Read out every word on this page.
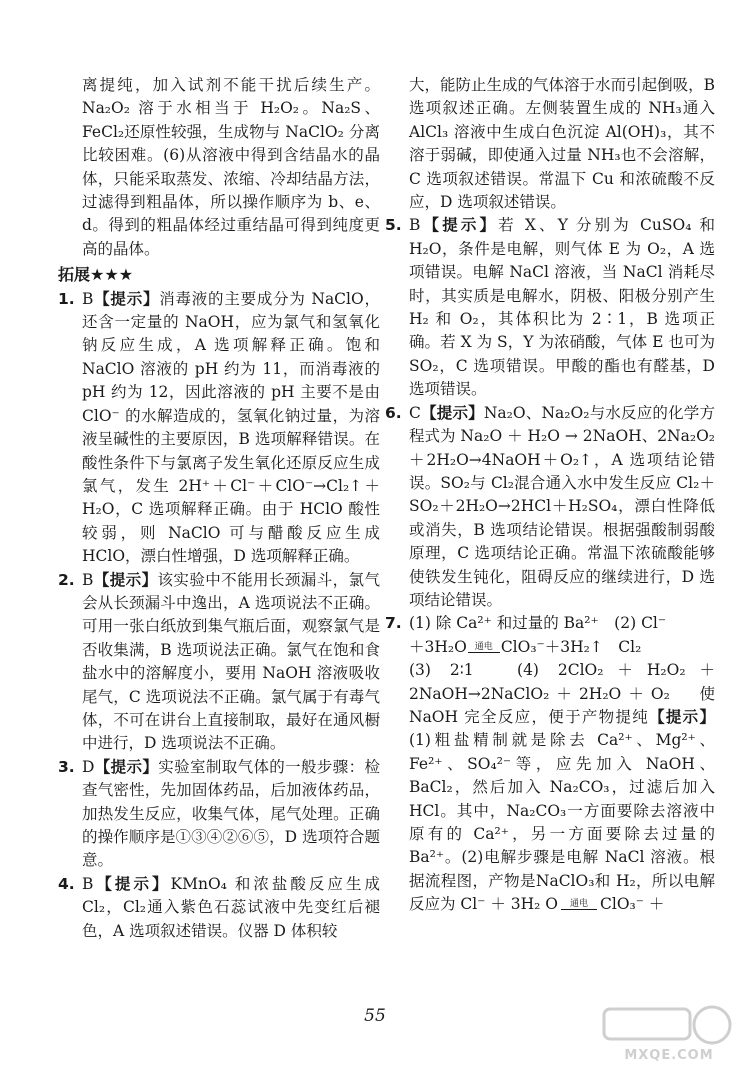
离提纯，加入试剂不能干扰后续生产。Na₂O₂ 溶于水相当于 H₂O₂。Na₂S、FeCl₂还原性较强，生成物与 NaClO₂ 分离比较困难。(6)从溶液中得到含结晶水的晶体，只能采取蒸发、浓缩、冷却结晶方法，过滤得到粗晶体，所以操作顺序为 b、e、d。得到的粗晶体经过重结晶可得到纯度更高的晶体。

拓展★★★

1. B【提示】消毒液的主要成分为 NaClO，还含一定量的 NaOH，应为氯气和氢氧化钠反应生成，A 选项解释正确。饱和 NaClO 溶液的 pH 约为 11，而消毒液的 pH 约为 12，因此溶液的 pH 主要不是由 ClO⁻ 的水解造成的，氢氧化钠过量，为溶液呈碱性的主要原因，B 选项解释错误。在酸性条件下与氯离子发生氧化还原反应生成氯气，发生 2H⁺＋Cl⁻＋ClO⁻→Cl₂↑＋H₂O，C 选项解释正确。由于 HClO 酸性较弱，则 NaClO 可与醋酸反应生成 HClO，漂白性增强，D 选项解释正确。

2. B【提示】该实验中不能用长颈漏斗，氯气会从长颈漏斗中逸出，A 选项说法不正确。可用一张白纸放到集气瓶后面，观察氯气是否收集满，B 选项说法正确。氯气在饱和食盐水中的溶解度小，要用 NaOH 溶液吸收尾气，C 选项说法不正确。氯气属于有毒气体，不可在讲台上直接制取，最好在通风橱中进行，D 选项说法不正确。

3. D【提示】实验室制取气体的一般步骤：检查气密性，先加固体药品，后加液体药品，加热发生反应，收集气体，尾气处理。正确的操作顺序是①③④②⑥⑤，D 选项符合题意。

4. B【提示】KMnO₄ 和浓盐酸反应生成 Cl₂，Cl₂通入紫色石蕊试液中先变红后褪色，A 选项叙述错误。仪器 D 体积较

大，能防止生成的气体溶于水而引起倒吸，B 选项叙述正确。左侧装置生成的 NH₃通入 AlCl₃ 溶液中生成白色沉淀 Al(OH)₃，其不溶于弱碱，即使通入过量 NH₃也不会溶解，C 选项叙述错误。常温下 Cu 和浓硫酸不反应，D 选项叙述错误。

5. B【提示】若 X、Y 分别为 CuSO₄ 和 H₂O，条件是电解，则气体 E 为 O₂，A 选项错误。电解 NaCl 溶液，当 NaCl 消耗尽时，其实质是电解水，阴极、阳极分别产生 H₂ 和 O₂，其体积比为 2∶1，B 选项正确。若 X 为 S，Y 为浓硝酸，气体 E 也可为 SO₂，C 选项错误。甲酸的酯也有醛基，D 选项错误。

6. C【提示】Na₂O、Na₂O₂与水反应的化学方程式为 Na₂O ＋ H₂O → 2NaOH、2Na₂O₂＋2H₂O→4NaOH＋O₂↑，A 选项结论错误。SO₂与 Cl₂混合通入水中发生反应 Cl₂＋SO₂＋2H₂O→2HCl＋H₂SO₄，漂白性降低或消失，B 选项结论错误。根据强酸制弱酸原理，C 选项结论正确。常温下浓硫酸能够使铁发生钝化，阻碍反应的继续进行，D 选项结论错误。

7. (1) 除 Ca²⁺ 和过量的 Ba²⁺　(2) Cl⁻
＋3H₂O 通电 ClO₃⁻＋3H₂↑　Cl₂
(3) 2∶1　(4) 2ClO₂＋H₂O₂＋2NaOH→2NaClO₂＋2H₂O＋O₂　使 NaOH 完全反应，便于产物提纯【提示】(1)粗盐精制就是除去 Ca²⁺、Mg²⁺、Fe²⁺、SO₄²⁻等，应先加入 NaOH、BaCl₂，然后加入 Na₂CO₃，过滤后加入 HCl。其中，Na₂CO₃一方面要除去溶液中原有的 Ca²⁺，另一方面要除去过量的 Ba²⁺。(2)电解步骤是电解 NaCl 溶液。根据流程图，产物是NaClO₃和 H₂，所以电解反应为 Cl⁻ ＋ 3H₂ O	通电 ClO₃⁻ ＋

55
MXQE.COM
